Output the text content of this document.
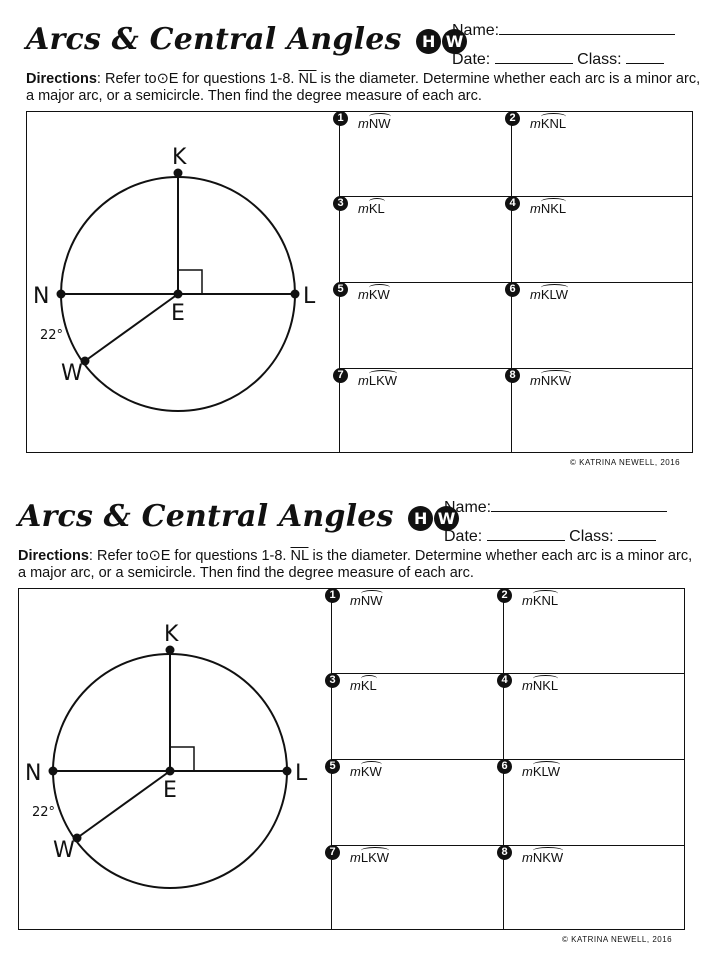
Arcs & Central Angles	H W
Name:
Date:	Class:
Directions: Refer to⊙E for questions 1-8. $\overline{NL}$ is the diameter. Determine whether each arc is a minor arc, a major arc, or a semicircle. Then find the degree measure of each arc.
K
N	L
E
W
22°
1	mNW	2	mKNL
3	mKL	4	mNKL
5	mKW	6	mKLW
7	mLKW	8	mNKW
© KATRINA NEWELL, 2016
Arcs & Central Angles	H W
Name:
Date:	Class:
Directions: Refer to⊙E for questions 1-8. $\overline{NL}$ is the diameter. Determine whether each arc is a minor arc, a major arc, or a semicircle. Then find the degree measure of each arc.
K
N	L
E
W
22°
1	mNW	2	mKNL
3	mKL	4	mNKL
5	mKW	6	mKLW
7	mLKW	8	mNKW
© KATRINA NEWELL, 2016
